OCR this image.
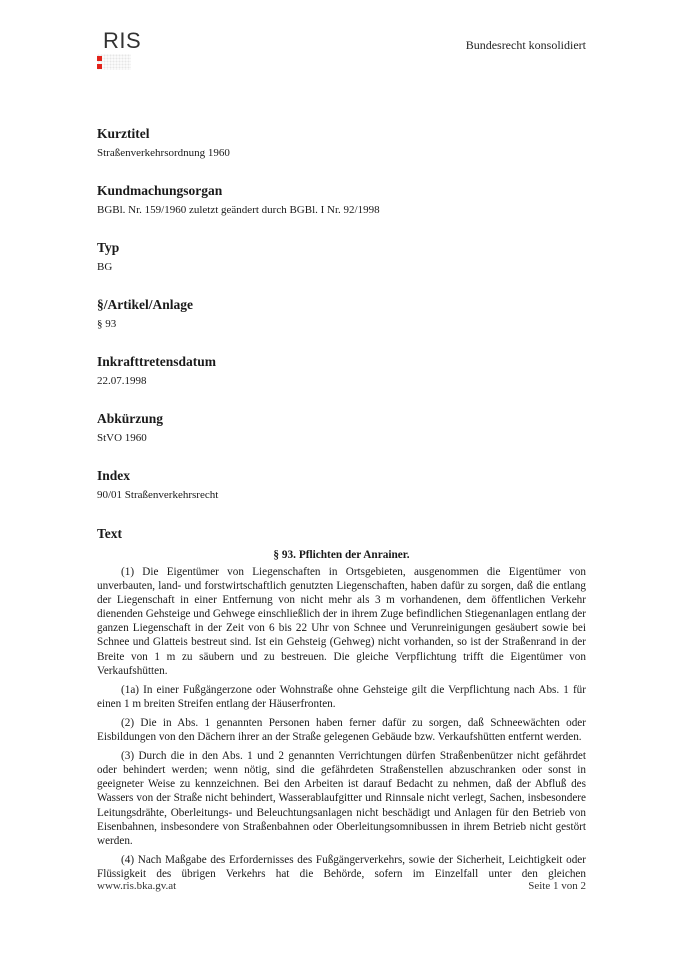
RIS	Bundesrecht konsolidiert

Kurztitel

Straßenverkehrsordnung 1960

Kundmachungsorgan

BGBl. Nr. 159/1960 zuletzt geändert durch BGBl. I Nr. 92/1998

Typ

BG

§/Artikel/Anlage

§ 93

Inkrafttretensdatum

22.07.1998

Abkürzung

StVO 1960

Index

90/01 Straßenverkehrsrecht

Text

§ 93. Pflichten der Anrainer.

(1) Die Eigentümer von Liegenschaften in Ortsgebieten, ausgenommen die Eigentümer von unverbauten, land- und forstwirtschaftlich genutzten Liegenschaften, haben dafür zu sorgen, daß die entlang der Liegenschaft in einer Entfernung von nicht mehr als 3 m vorhandenen, dem öffentlichen Verkehr dienenden Gehsteige und Gehwege einschließlich der in ihrem Zuge befindlichen Stiegenanlagen entlang der ganzen Liegenschaft in der Zeit von 6 bis 22 Uhr von Schnee und Verunreinigungen gesäubert sowie bei Schnee und Glatteis bestreut sind. Ist ein Gehsteig (Gehweg) nicht vorhanden, so ist der Straßenrand in der Breite von 1 m zu säubern und zu bestreuen. Die gleiche Verpflichtung trifft die Eigentümer von Verkaufshütten.

(1a) In einer Fußgängerzone oder Wohnstraße ohne Gehsteige gilt die Verpflichtung nach Abs. 1 für einen 1 m breiten Streifen entlang der Häuserfronten.

(2) Die in Abs. 1 genannten Personen haben ferner dafür zu sorgen, daß Schneewächten oder Eisbildungen von den Dächern ihrer an der Straße gelegenen Gebäude bzw. Verkaufshütten entfernt werden.

(3) Durch die in den Abs. 1 und 2 genannten Verrichtungen dürfen Straßenbenützer nicht gefährdet oder behindert werden; wenn nötig, sind die gefährdeten Straßenstellen abzuschranken oder sonst in geeigneter Weise zu kennzeichnen. Bei den Arbeiten ist darauf Bedacht zu nehmen, daß der Abfluß des Wassers von der Straße nicht behindert, Wasserablaufgitter und Rinnsale nicht verlegt, Sachen, insbesondere Leitungsdrähte, Oberleitungs- und Beleuchtungsanlagen nicht beschädigt und Anlagen für den Betrieb von Eisenbahnen, insbesondere von Straßenbahnen oder Oberleitungsomnibussen in ihrem Betrieb nicht gestört werden.

(4) Nach Maßgabe des Erfordernisses des Fußgängerverkehrs, sowie der Sicherheit, Leichtigkeit oder Flüssigkeit des übrigen Verkehrs hat die Behörde, sofern im Einzelfall unter den gleichen

www.ris.bka.gv.at	Seite 1 von 2
